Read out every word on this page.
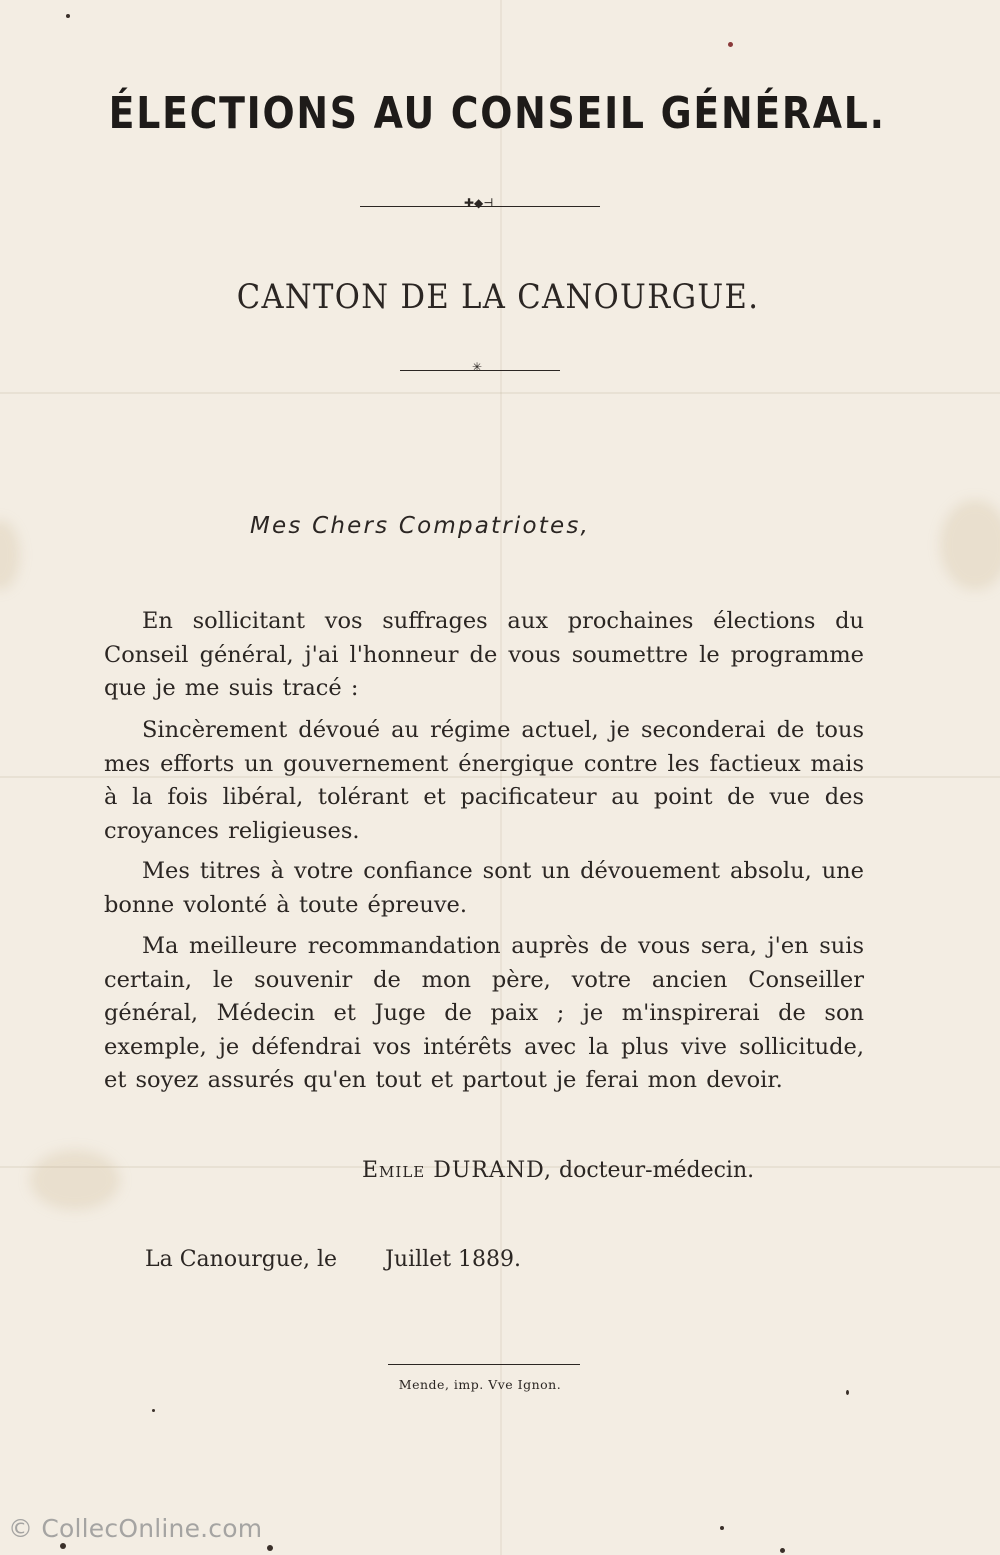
ÉLECTIONS AU CONSEIL GÉNÉRAL.
✚◆⊣
CANTON DE LA CANOURGUE.
✳
Mes Chers Compatriotes,

En sollicitant vos suffrages aux prochaines élections du Conseil général, j'ai l'honneur de vous soumettre le programme que je me suis tracé :

Sincèrement dévoué au régime actuel, je seconderai de tous mes efforts un gouvernement énergique contre les factieux mais à la fois libéral, tolérant et pacificateur au point de vue des croyances religieuses.

Mes titres à votre confiance sont un dévouement absolu, une bonne volonté à toute épreuve.

Ma meilleure recommandation auprès de vous sera, j'en suis certain, le souvenir de mon père, votre ancien Conseiller général, Médecin et Juge de paix ; je m'inspirerai de son exemple, je défendrai vos intérêts avec la plus vive sollicitude, et soyez assurés qu'en tout et partout je ferai mon devoir.

Emile DURAND, docteur-médecin.
La Canourgue, le Juillet 1889.
Mende, imp. Vve Ignon.
© CollecOnline.com
